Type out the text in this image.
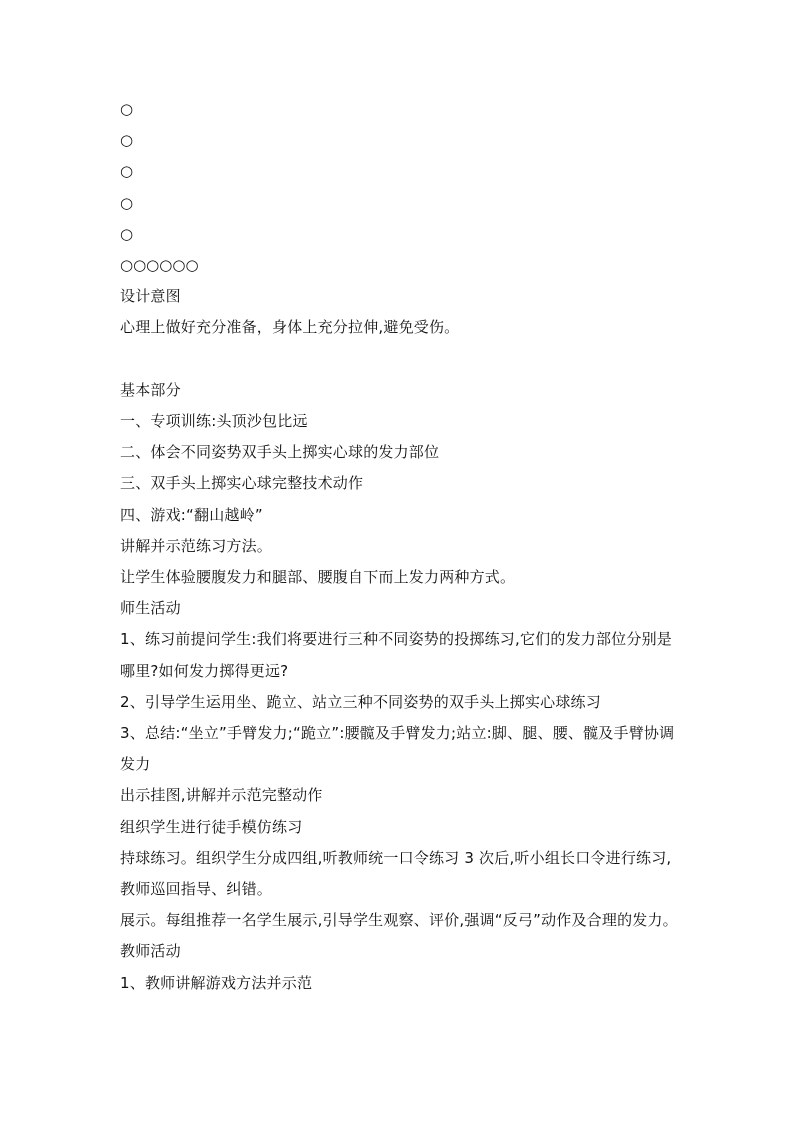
○
○
○
○
○
○○○○○○
设计意图
心理上做好充分准备，身体上充分拉伸,避免受伤。
基本部分
一、专项训练:头顶沙包比远
二、体会不同姿势双手头上掷实心球的发力部位
三、双手头上掷实心球完整技术动作
四、游戏:“翻山越岭”
讲解并示范练习方法。
让学生体验腰腹发力和腿部、腰腹自下而上发力两种方式。
师生活动
1、练习前提问学生:我们将要进行三种不同姿势的投掷练习,它们的发力部位分别是哪里?如何发力掷得更远?
2、引导学生运用坐、跪立、站立三种不同姿势的双手头上掷实心球练习
3、总结:“坐立”手臂发力;“跪立”:腰髋及手臂发力;站立:脚、腿、腰、髋及手臂协调发力
出示挂图,讲解并示范完整动作
组织学生进行徒手模仿练习
持球练习。组织学生分成四组,听教师统一口令练习 3 次后,听小组长口令进行练习,教师巡回指导、纠错。
展示。每组推荐一名学生展示,引导学生观察、评价,强调“反弓”动作及合理的发力。
教师活动
1、教师讲解游戏方法并示范
